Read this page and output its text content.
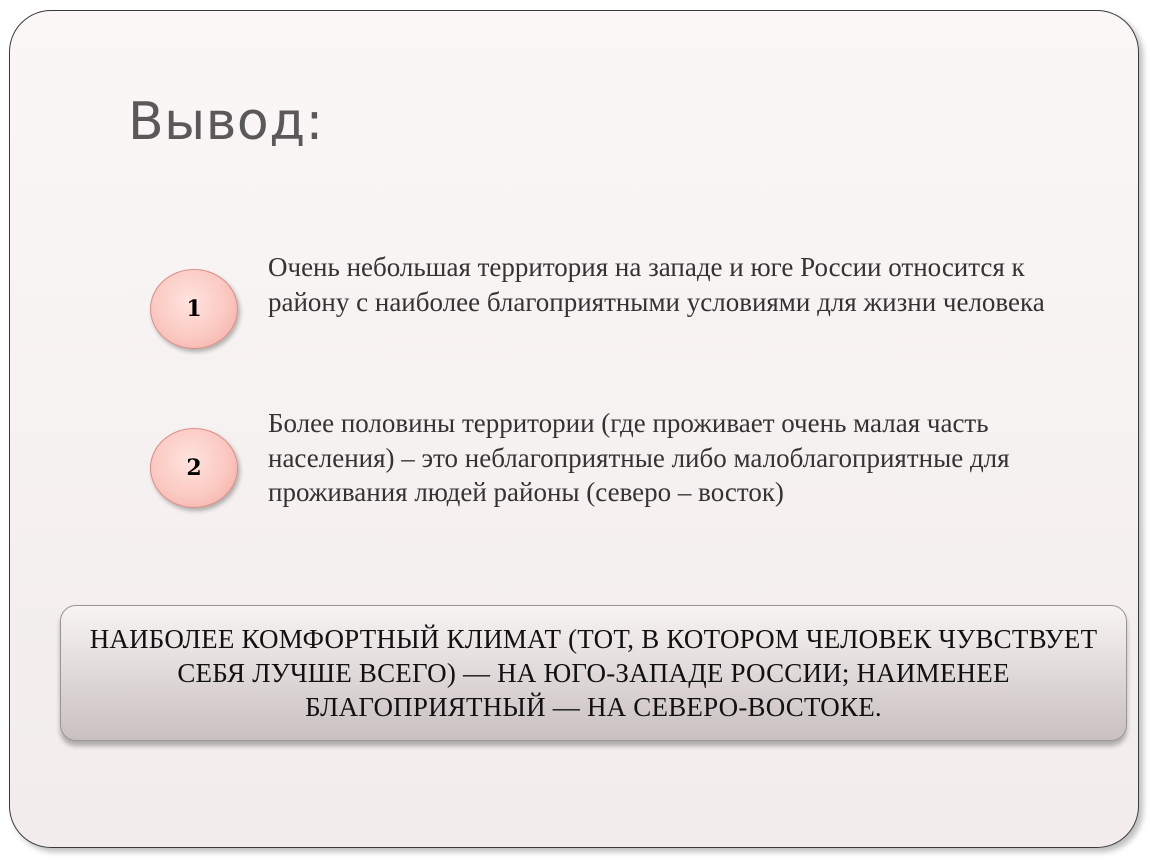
Вывод:
1
Очень небольшая территория на западе и юге России относится к району с наиболее благоприятными условиями для жизни человека
2
Более половины территории (где проживает очень малая часть населения) – это неблагоприятные либо малоблагоприятные для проживания людей районы (северо – восток)
НАИБОЛЕЕ КОМФОРТНЫЙ КЛИМАТ (ТОТ, В КОТОРОМ ЧЕЛОВЕК ЧУВСТВУЕТ СЕБЯ ЛУЧШЕ ВСЕГО) — НА ЮГО-ЗАПАДЕ РОССИИ; НАИМЕНЕЕ БЛАГОПРИЯТНЫЙ — НА СЕВЕРО-ВОСТОКЕ.
